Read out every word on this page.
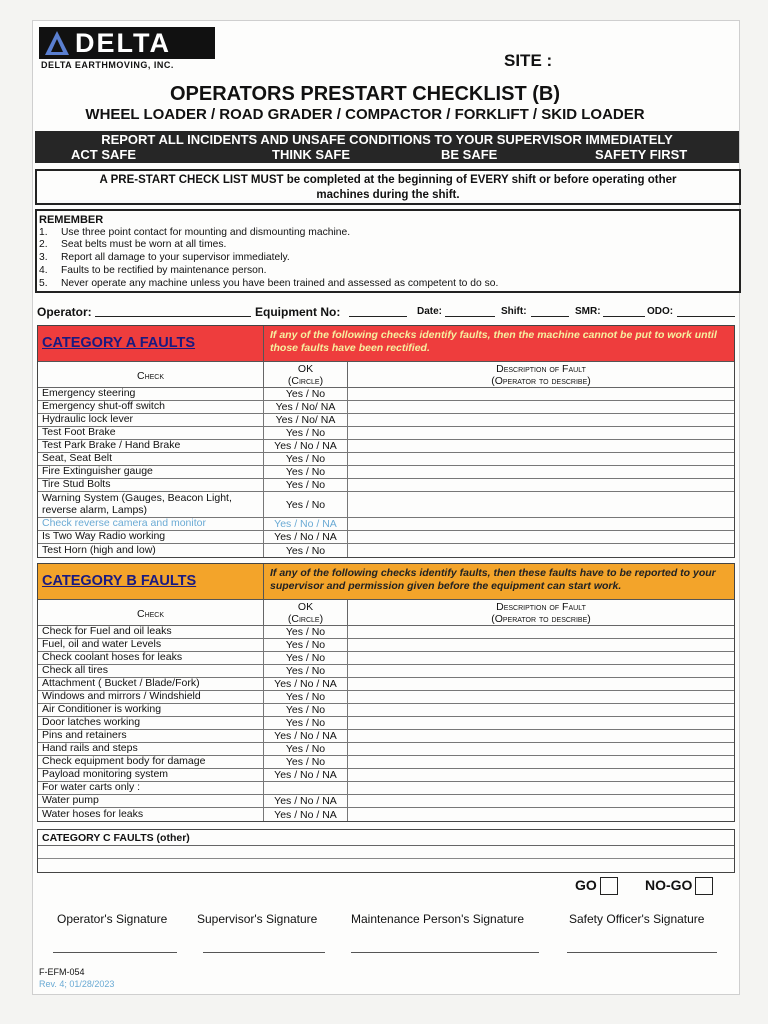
DELTA
DELTA EARTHMOVING, INC.	SITE :
OPERATORS PRESTART CHECKLIST (B)
WHEEL LOADER / ROAD GRADER / COMPACTOR / FORKLIFT / SKID LOADER
REPORT ALL INCIDENTS AND UNSAFE CONDITIONS TO YOUR SUPERVISOR IMMEDIATELY
ACT SAFE	THINK SAFE	BE SAFE	SAFETY FIRST
A PRE-START CHECK LIST MUST be completed at the beginning of EVERY shift or before operating other
machines during the shift.
REMEMBER
1.	Use three point contact for mounting and dismounting machine.
2.	Seat belts must be worn at all times.
3.	Report all damage to your supervisor immediately.
4.	Faults to be rectified by maintenance person.
5.	Never operate any machine unless you have been trained and assessed as competent to do so.
Operator:	Equipment No:	Date:	Shift:	SMR:	ODO:
CATEGORY A FAULTS	If any of the following checks identify faults, then the machine cannot be put to work until those faults have been rectified.
Check
OK
(Circle)
Description of Fault
(Operator to describe)
Emergency steering	Yes / No
Emergency shut-off switch	Yes / No/ NA
Hydraulic lock lever	Yes / No/ NA
Test Foot Brake	Yes / No
Test Park Brake / Hand Brake	Yes / No / NA
Seat, Seat Belt	Yes / No
Fire Extinguisher gauge	Yes / No
Tire Stud Bolts	Yes / No
Warning System (Gauges, Beacon Light, reverse alarm, Lamps)	Yes / No
Check reverse camera and monitor	Yes / No / NA
Is Two Way Radio working	Yes / No / NA
Test Horn (high and low)	Yes / No
CATEGORY B FAULTS	If any of the following checks identify faults, then these faults have to be reported to your supervisor and permission given before the equipment can start work.
Check
OK
(Circle)
Description of Fault
(Operator to describe)
Check for Fuel and oil leaks	Yes / No
Fuel, oil and water Levels	Yes / No
Check coolant hoses for leaks	Yes / No
Check all tires	Yes / No
Attachment ( Bucket / Blade/Fork)	Yes / No / NA
Windows and mirrors / Windshield	Yes / No
Air Conditioner is working	Yes / No
Door latches working	Yes / No
Pins and retainers	Yes / No / NA
Hand rails and steps	Yes / No
Check equipment body for damage	Yes / No
Payload monitoring system	Yes / No / NA
For water carts only :
Water pump	Yes / No / NA
Water hoses for leaks	Yes / No / NA
CATEGORY C FAULTS (other)
GO	NO-GO
Operator's Signature Supervisor's Signature	Maintenance Person's Signature	Safety Officer's Signature
F-EFM-054
Rev. 4; 01/28/2023
